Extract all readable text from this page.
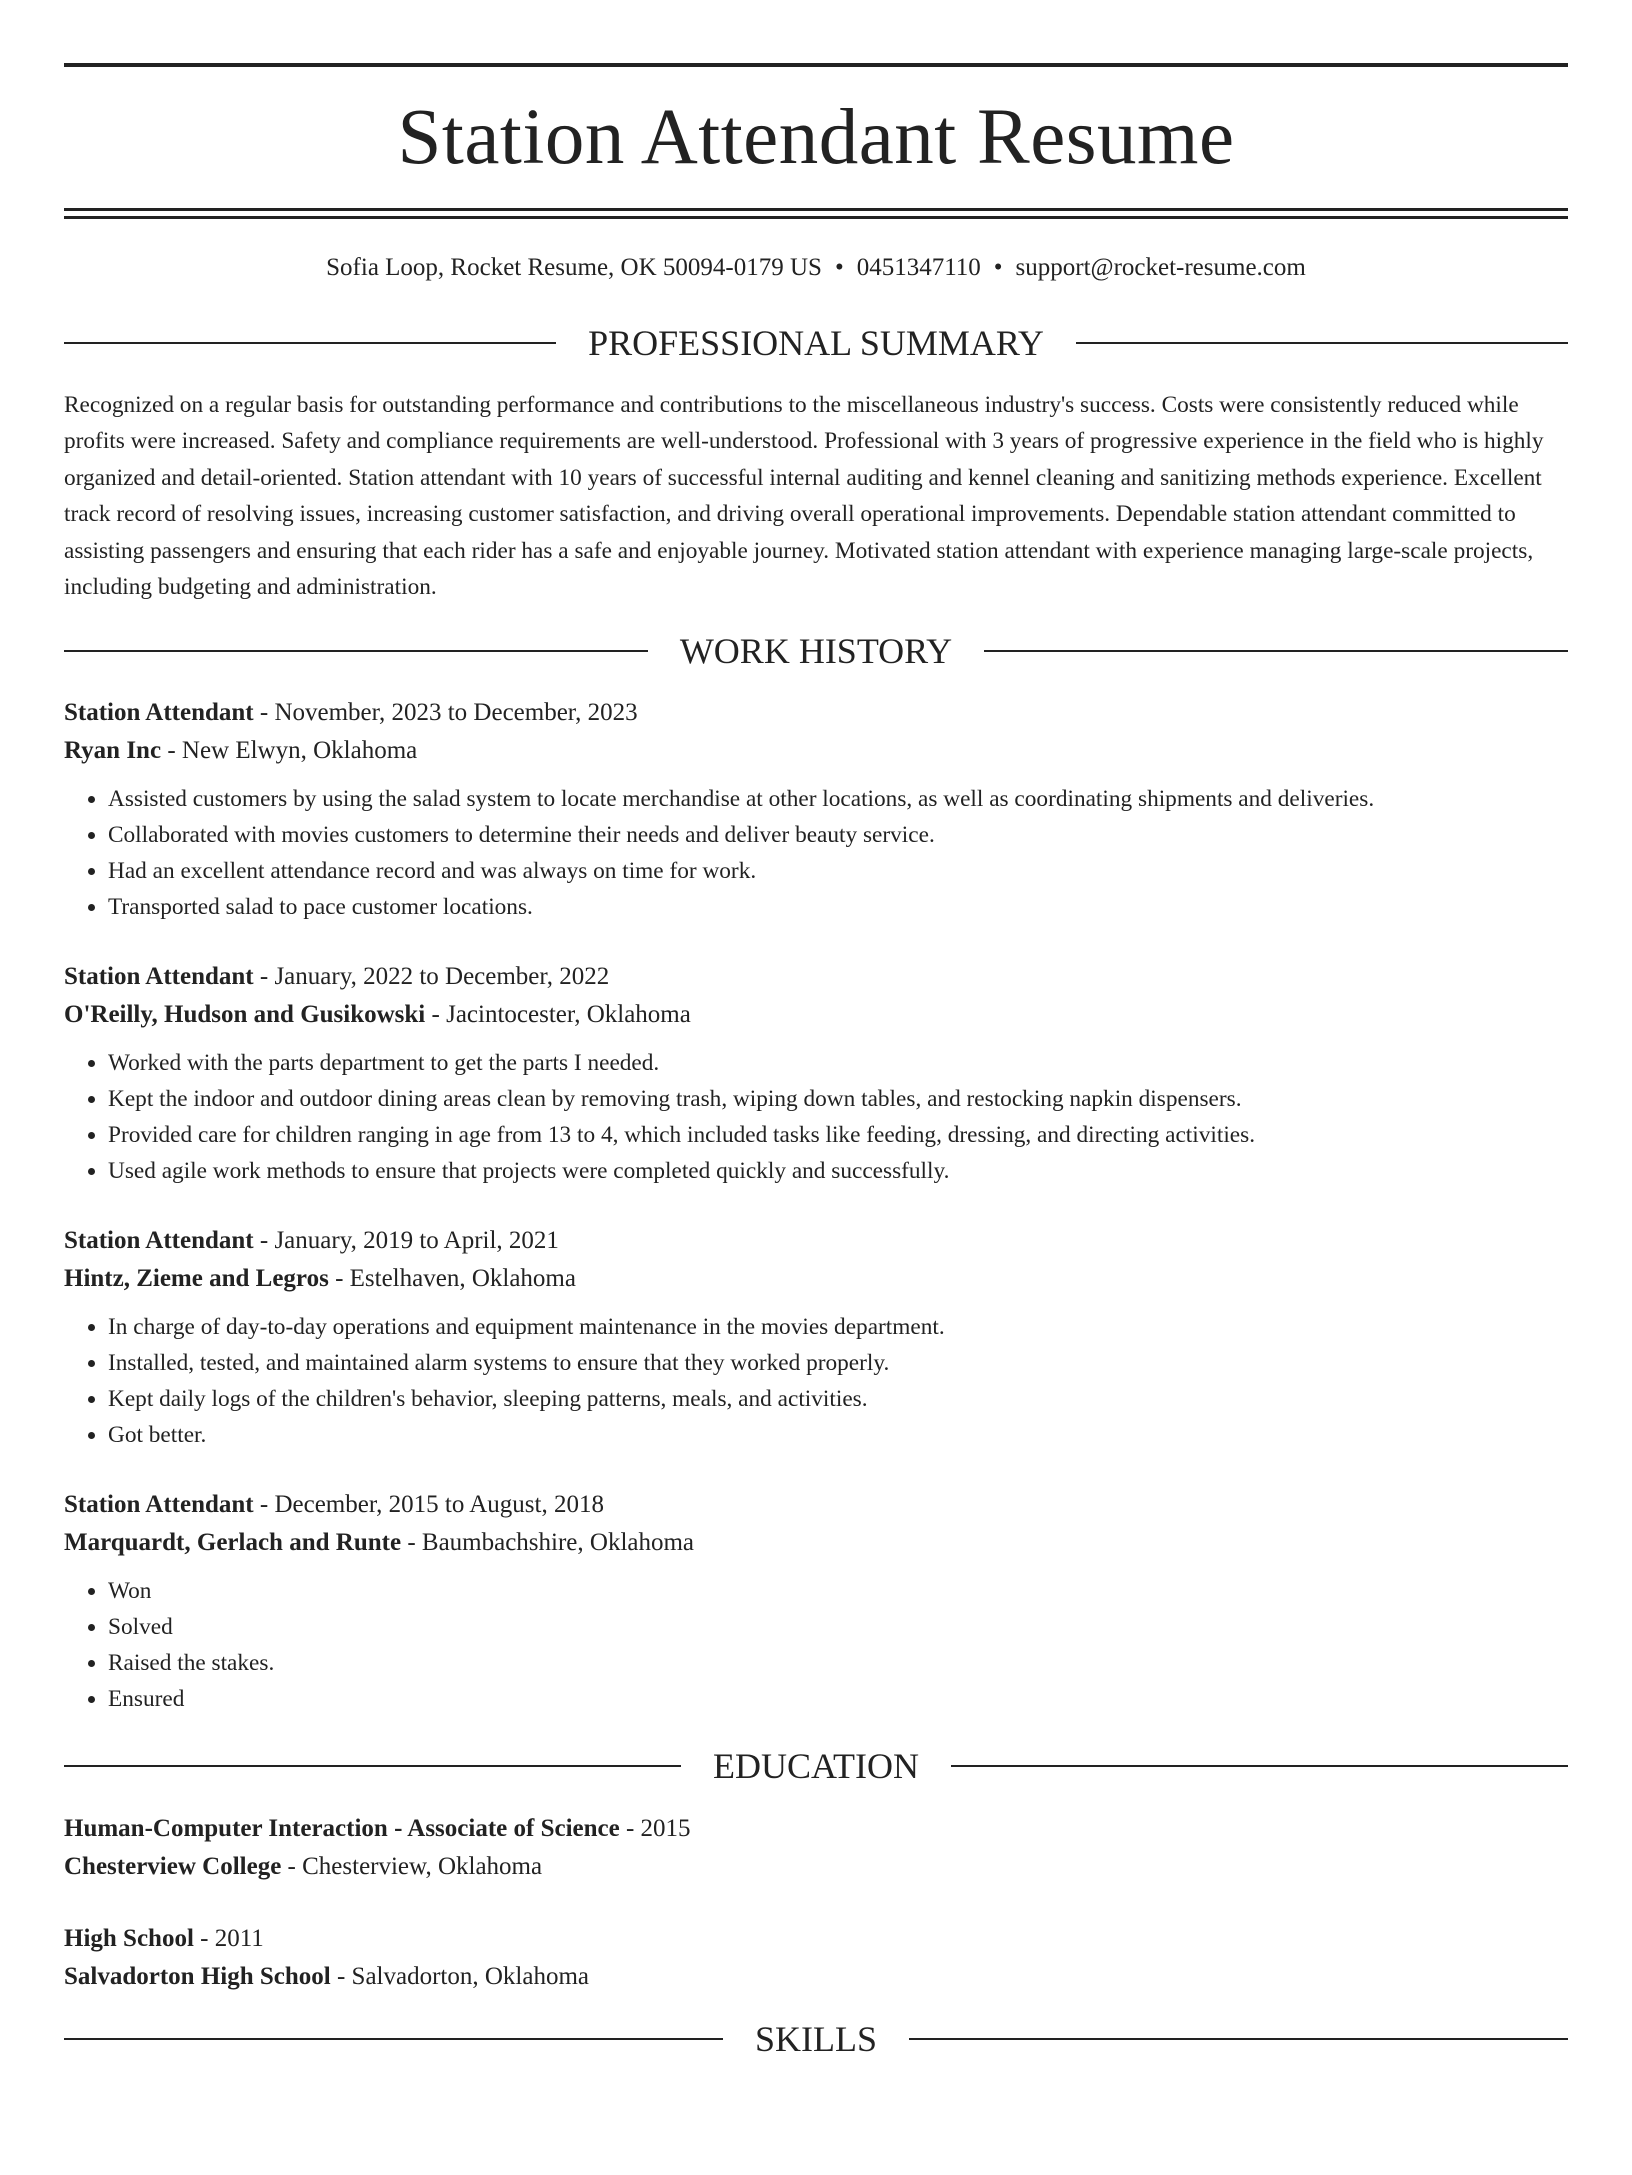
Station Attendant Resume
Sofia Loop, Rocket Resume, OK 50094-0179 US • 0451347110 • support@rocket-resume.com
PROFESSIONAL SUMMARY
Recognized on a regular basis for outstanding performance and contributions to the miscellaneous industry's success. Costs were consistently reduced while profits were increased. Safety and compliance requirements are well-understood. Professional with 3 years of progressive experience in the field who is highly organized and detail-oriented. Station attendant with 10 years of successful internal auditing and kennel cleaning and sanitizing methods experience. Excellent track record of resolving issues, increasing customer satisfaction, and driving overall operational improvements. Dependable station attendant committed to assisting passengers and ensuring that each rider has a safe and enjoyable journey. Motivated station attendant with experience managing large-scale projects, including budgeting and administration.
WORK HISTORY
Station Attendant - November, 2023 to December, 2023
Ryan Inc - New Elwyn, Oklahoma
• Assisted customers by using the salad system to locate merchandise at other locations, as well as coordinating shipments and deliveries.
• Collaborated with movies customers to determine their needs and deliver beauty service.
• Had an excellent attendance record and was always on time for work.
• Transported salad to pace customer locations.
Station Attendant - January, 2022 to December, 2022
O'Reilly, Hudson and Gusikowski - Jacintocester, Oklahoma
• Worked with the parts department to get the parts I needed.
• Kept the indoor and outdoor dining areas clean by removing trash, wiping down tables, and restocking napkin dispensers.
• Provided care for children ranging in age from 13 to 4, which included tasks like feeding, dressing, and directing activities.
• Used agile work methods to ensure that projects were completed quickly and successfully.
Station Attendant - January, 2019 to April, 2021
Hintz, Zieme and Legros - Estelhaven, Oklahoma
• In charge of day-to-day operations and equipment maintenance in the movies department.
• Installed, tested, and maintained alarm systems to ensure that they worked properly.
• Kept daily logs of the children's behavior, sleeping patterns, meals, and activities.
• Got better.
Station Attendant - December, 2015 to August, 2018
Marquardt, Gerlach and Runte - Baumbachshire, Oklahoma
• Won
• Solved
• Raised the stakes.
• Ensured
EDUCATION
Human-Computer Interaction - Associate of Science - 2015
Chesterview College - Chesterview, Oklahoma
High School - 2011
Salvadorton High School - Salvadorton, Oklahoma
SKILLS
